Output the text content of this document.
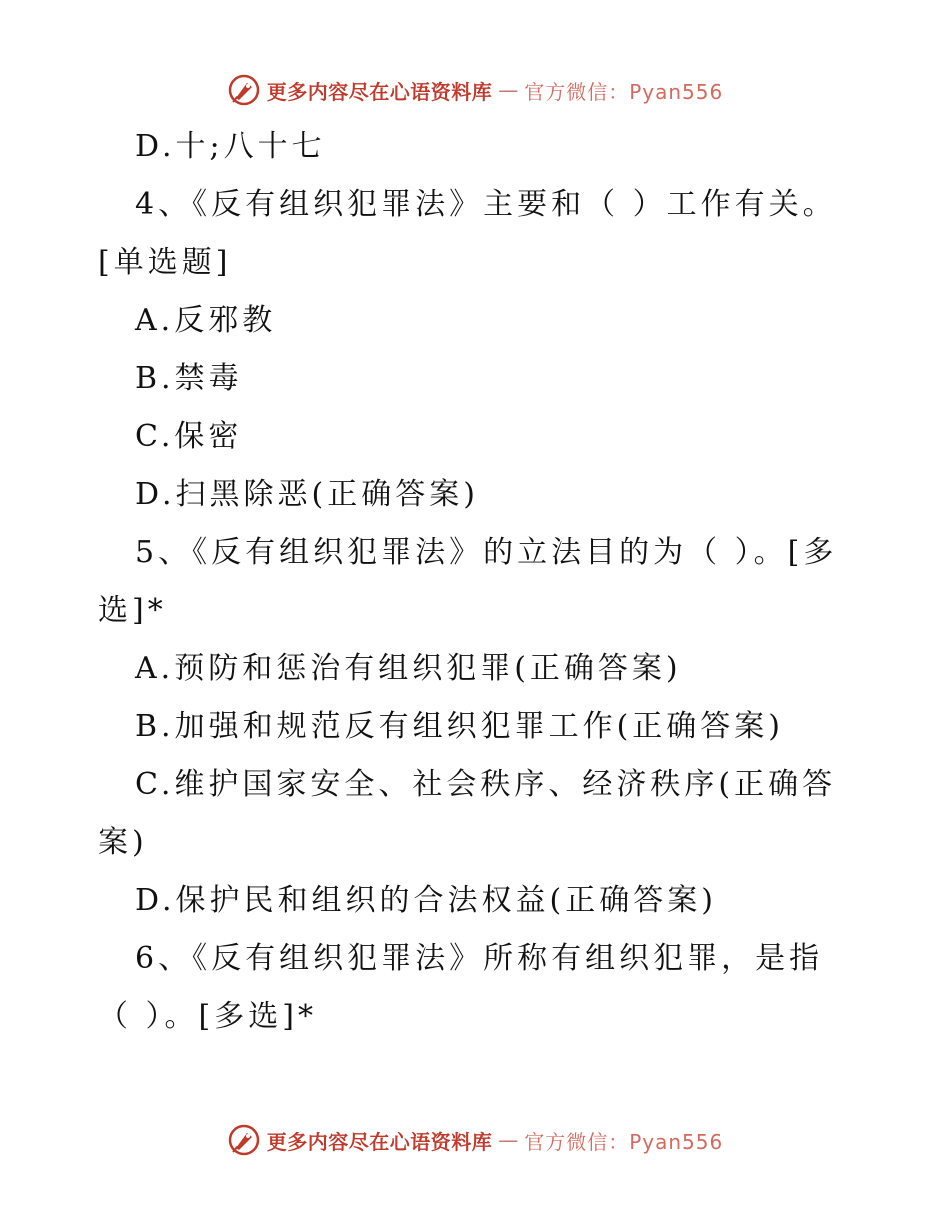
更多内容尽在心语资料库 — 官方微信：Pyan556
D.十;八十七
4、《反有组织犯罪法》主要和（ ）工作有关。
[单选题]
A.反邪教
B.禁毒
C.保密
D.扫黑除恶(正确答案)
5、《反有组织犯罪法》的立法目的为（ ）。[多
选]*
A.预防和惩治有组织犯罪(正确答案)
B.加强和规范反有组织犯罪工作(正确答案)
C.维护国家安全、社会秩序、经济秩序(正确答
案)
D.保护民和组织的合法权益(正确答案)
6、《反有组织犯罪法》所称有组织犯罪，是指
（ ）。[多选]*
更多内容尽在心语资料库 — 官方微信：Pyan556
